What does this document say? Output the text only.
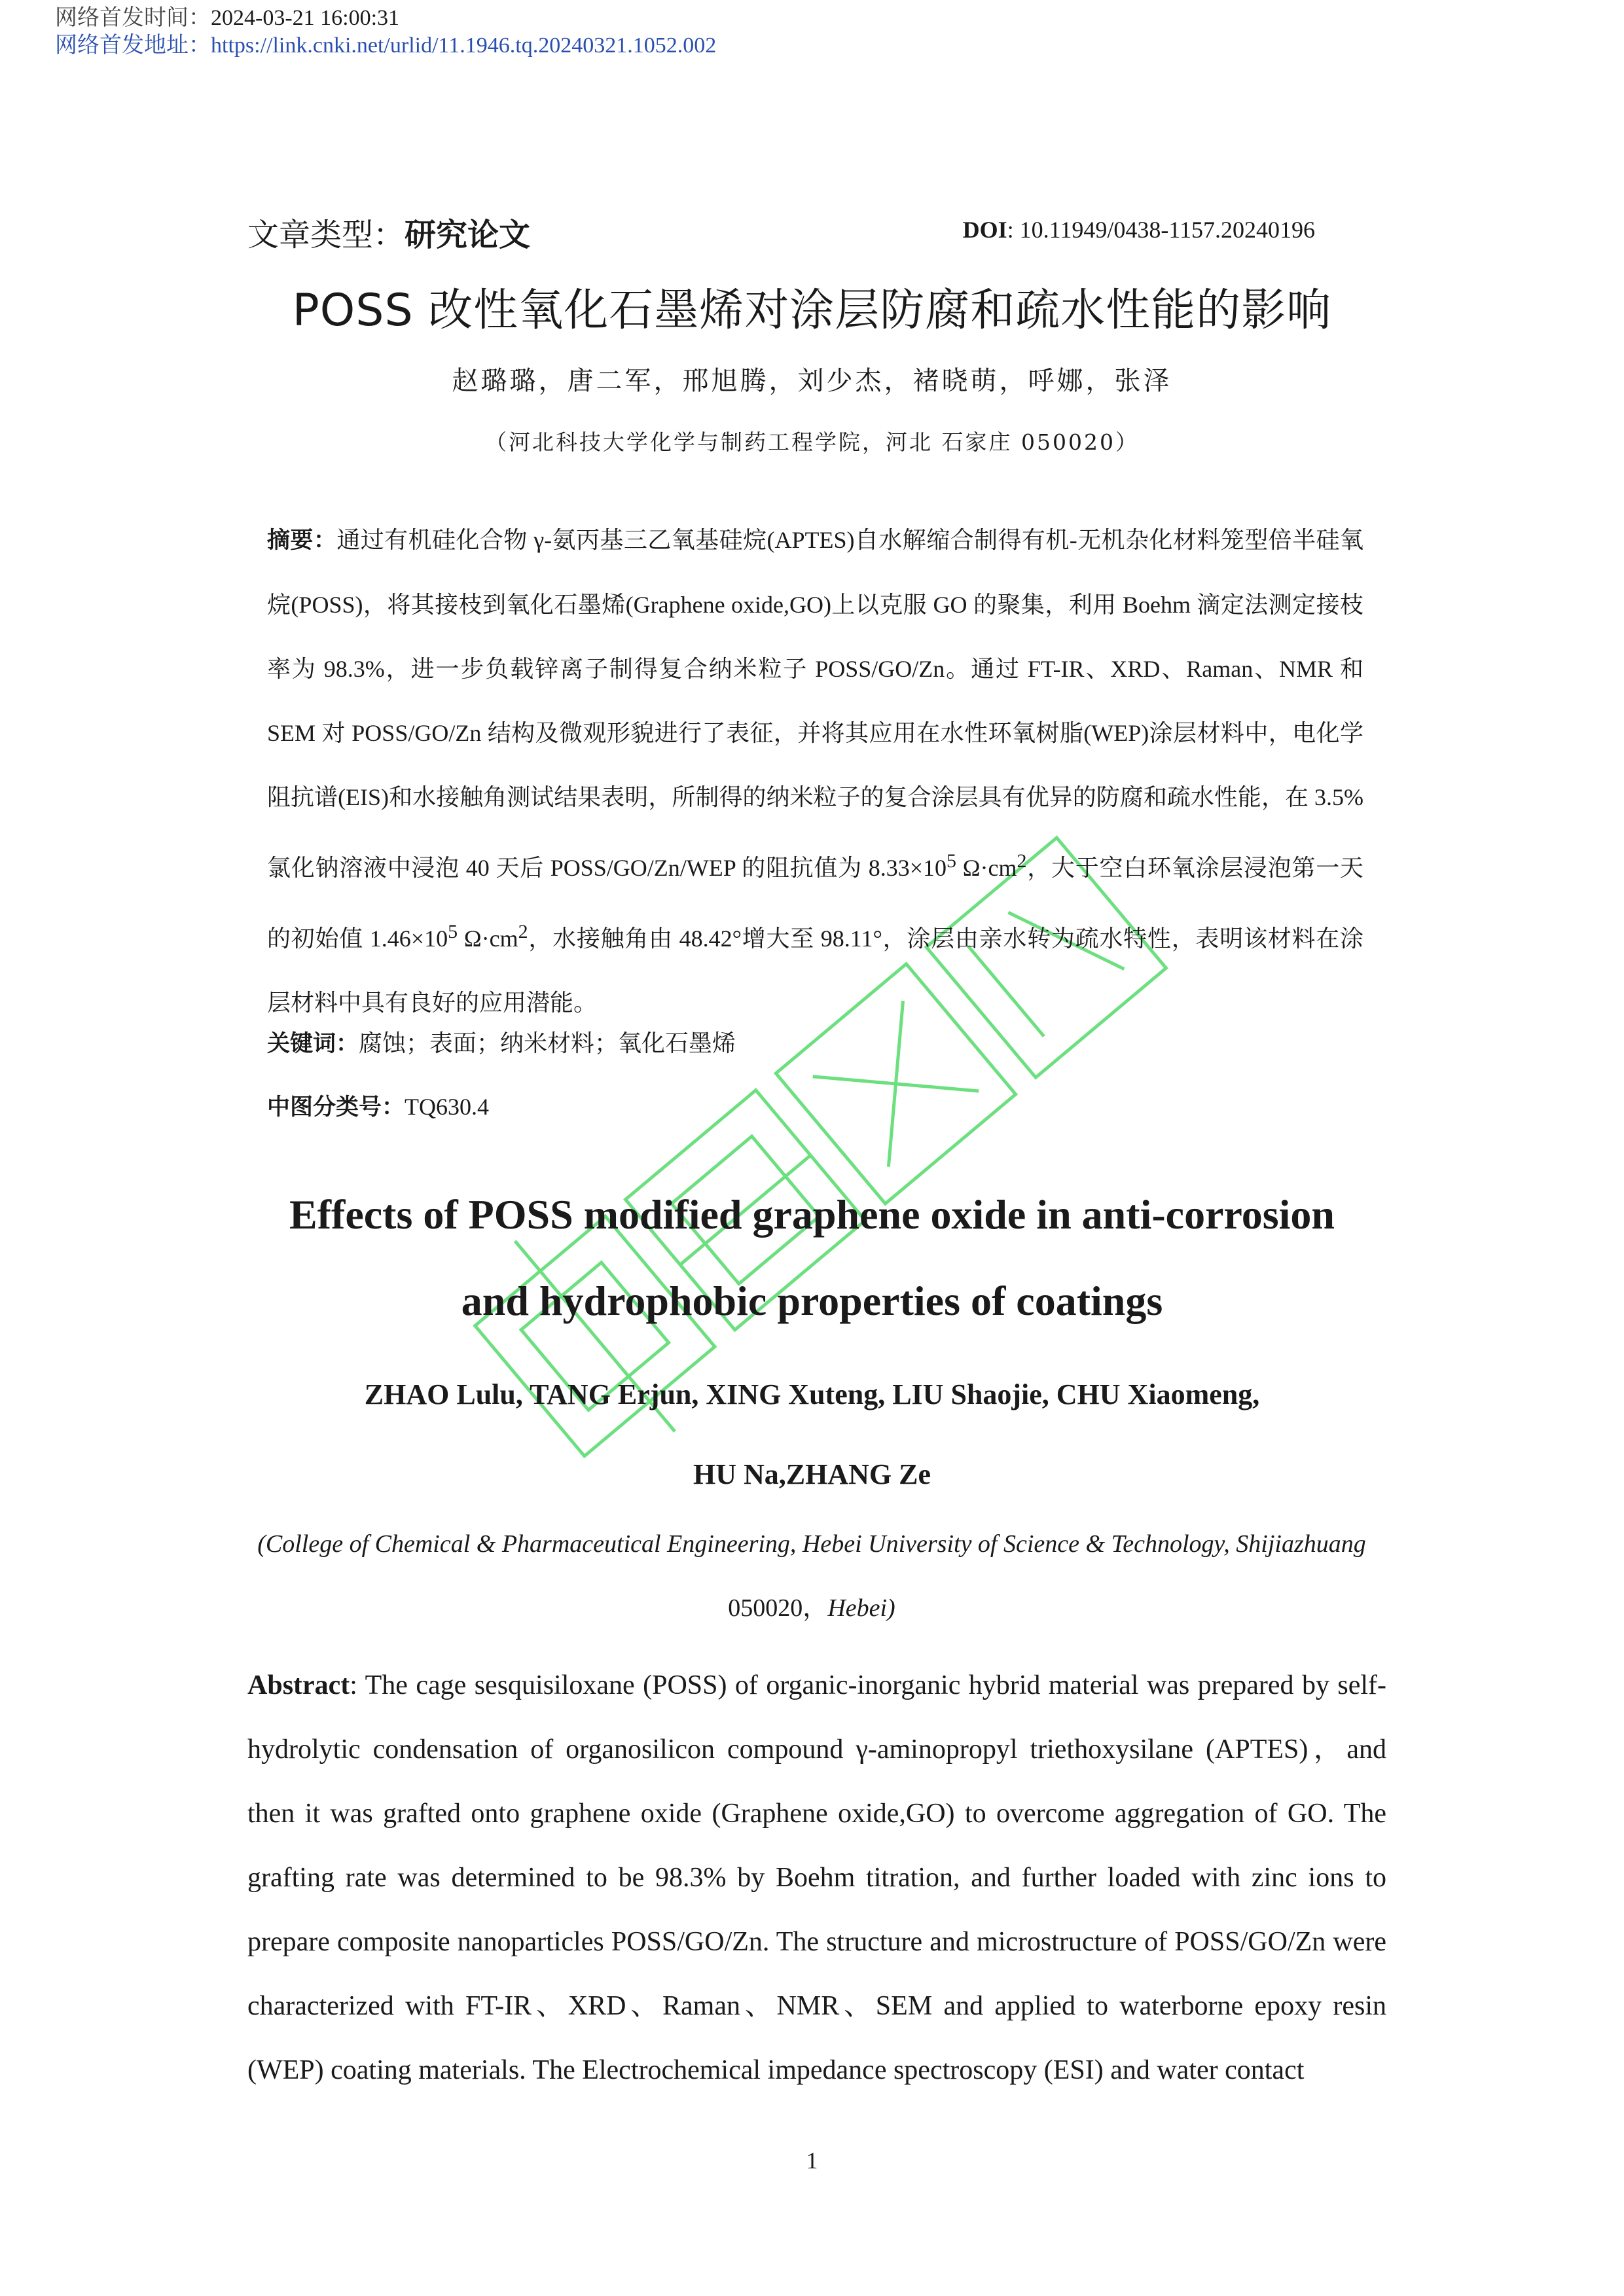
网络首发时间：2024-03-21 16:00:31
网络首发地址：https://link.cnki.net/urlid/11.1946.tq.20240321.1052.002
文章类型：研究论文	DOI: 10.11949/0438-1157.20240196
POSS 改性氧化石墨烯对涂层防腐和疏水性能的影响
赵璐璐，唐二军，邢旭腾，刘少杰，褚晓萌，呼娜，张泽
（河北科技大学化学与制药工程学院，河北 石家庄 050020）
摘要：通过有机硅化合物 γ-氨丙基三乙氧基硅烷(APTES)自水解缩合制得有机-无机杂化材料笼型倍半硅氧烷(POSS)，将其接枝到氧化石墨烯(Graphene oxide,GO)上以克服 GO 的聚集，利用 Boehm 滴定法测定接枝率为 98.3%，进一步负载锌离子制得复合纳米粒子 POSS/GO/Zn。通过 FT-IR、XRD、Raman、NMR 和 SEM 对 POSS/GO/Zn 结构及微观形貌进行了表征，并将其应用在水性环氧树脂(WEP)涂层材料中，电化学阻抗谱(EIS)和水接触角测试结果表明，所制得的纳米粒子的复合涂层具有优异的防腐和疏水性能，在 3.5%氯化钠溶液中浸泡 40 天后 POSS/GO/Zn/WEP 的阻抗值为 $8.33\times 10^5$ $\Omega\cdot cm^2$，大于空白环氧涂层浸泡第一天的初始值 $1.46\times 10^5$ $\Omega\cdot cm^2$，水接触角由 48.42°增大至 98.11°，涂层由亲水转为疏水特性，表明该材料在涂层材料中具有良好的应用潜能。
关键词：腐蚀；表面；纳米材料；氧化石墨烯
中图分类号：TQ630.4
Effects of POSS modified graphene oxide in anti-corrosion
and hydrophobic properties of coatings
ZHAO Lulu, TANG Erjun, XING Xuteng, LIU Shaojie, CHU Xiaomeng,
HU Na,ZHANG Ze
(College of Chemical & Pharmaceutical Engineering, Hebei University of Science & Technology, Shijiazhuang
050020，Hebei)
Abstract: The cage sesquisiloxane (POSS) of organic-inorganic hybrid material was prepared by self-hydrolytic condensation of organosilicon compound γ-aminopropyl triethoxysilane (APTES)，and then it was grafted onto graphene oxide (Graphene oxide,GO) to overcome aggregation of GO. The grafting rate was determined to be 98.3% by Boehm titration, and further loaded with zinc ions to prepare composite nanoparticles POSS/GO/Zn. The structure and microstructure of POSS/GO/Zn were characterized with FT-IR、XRD、Raman、NMR、SEM and applied to waterborne epoxy resin (WEP) coating materials. The Electrochemical impedance spectroscopy (ESI) and water contact
1
